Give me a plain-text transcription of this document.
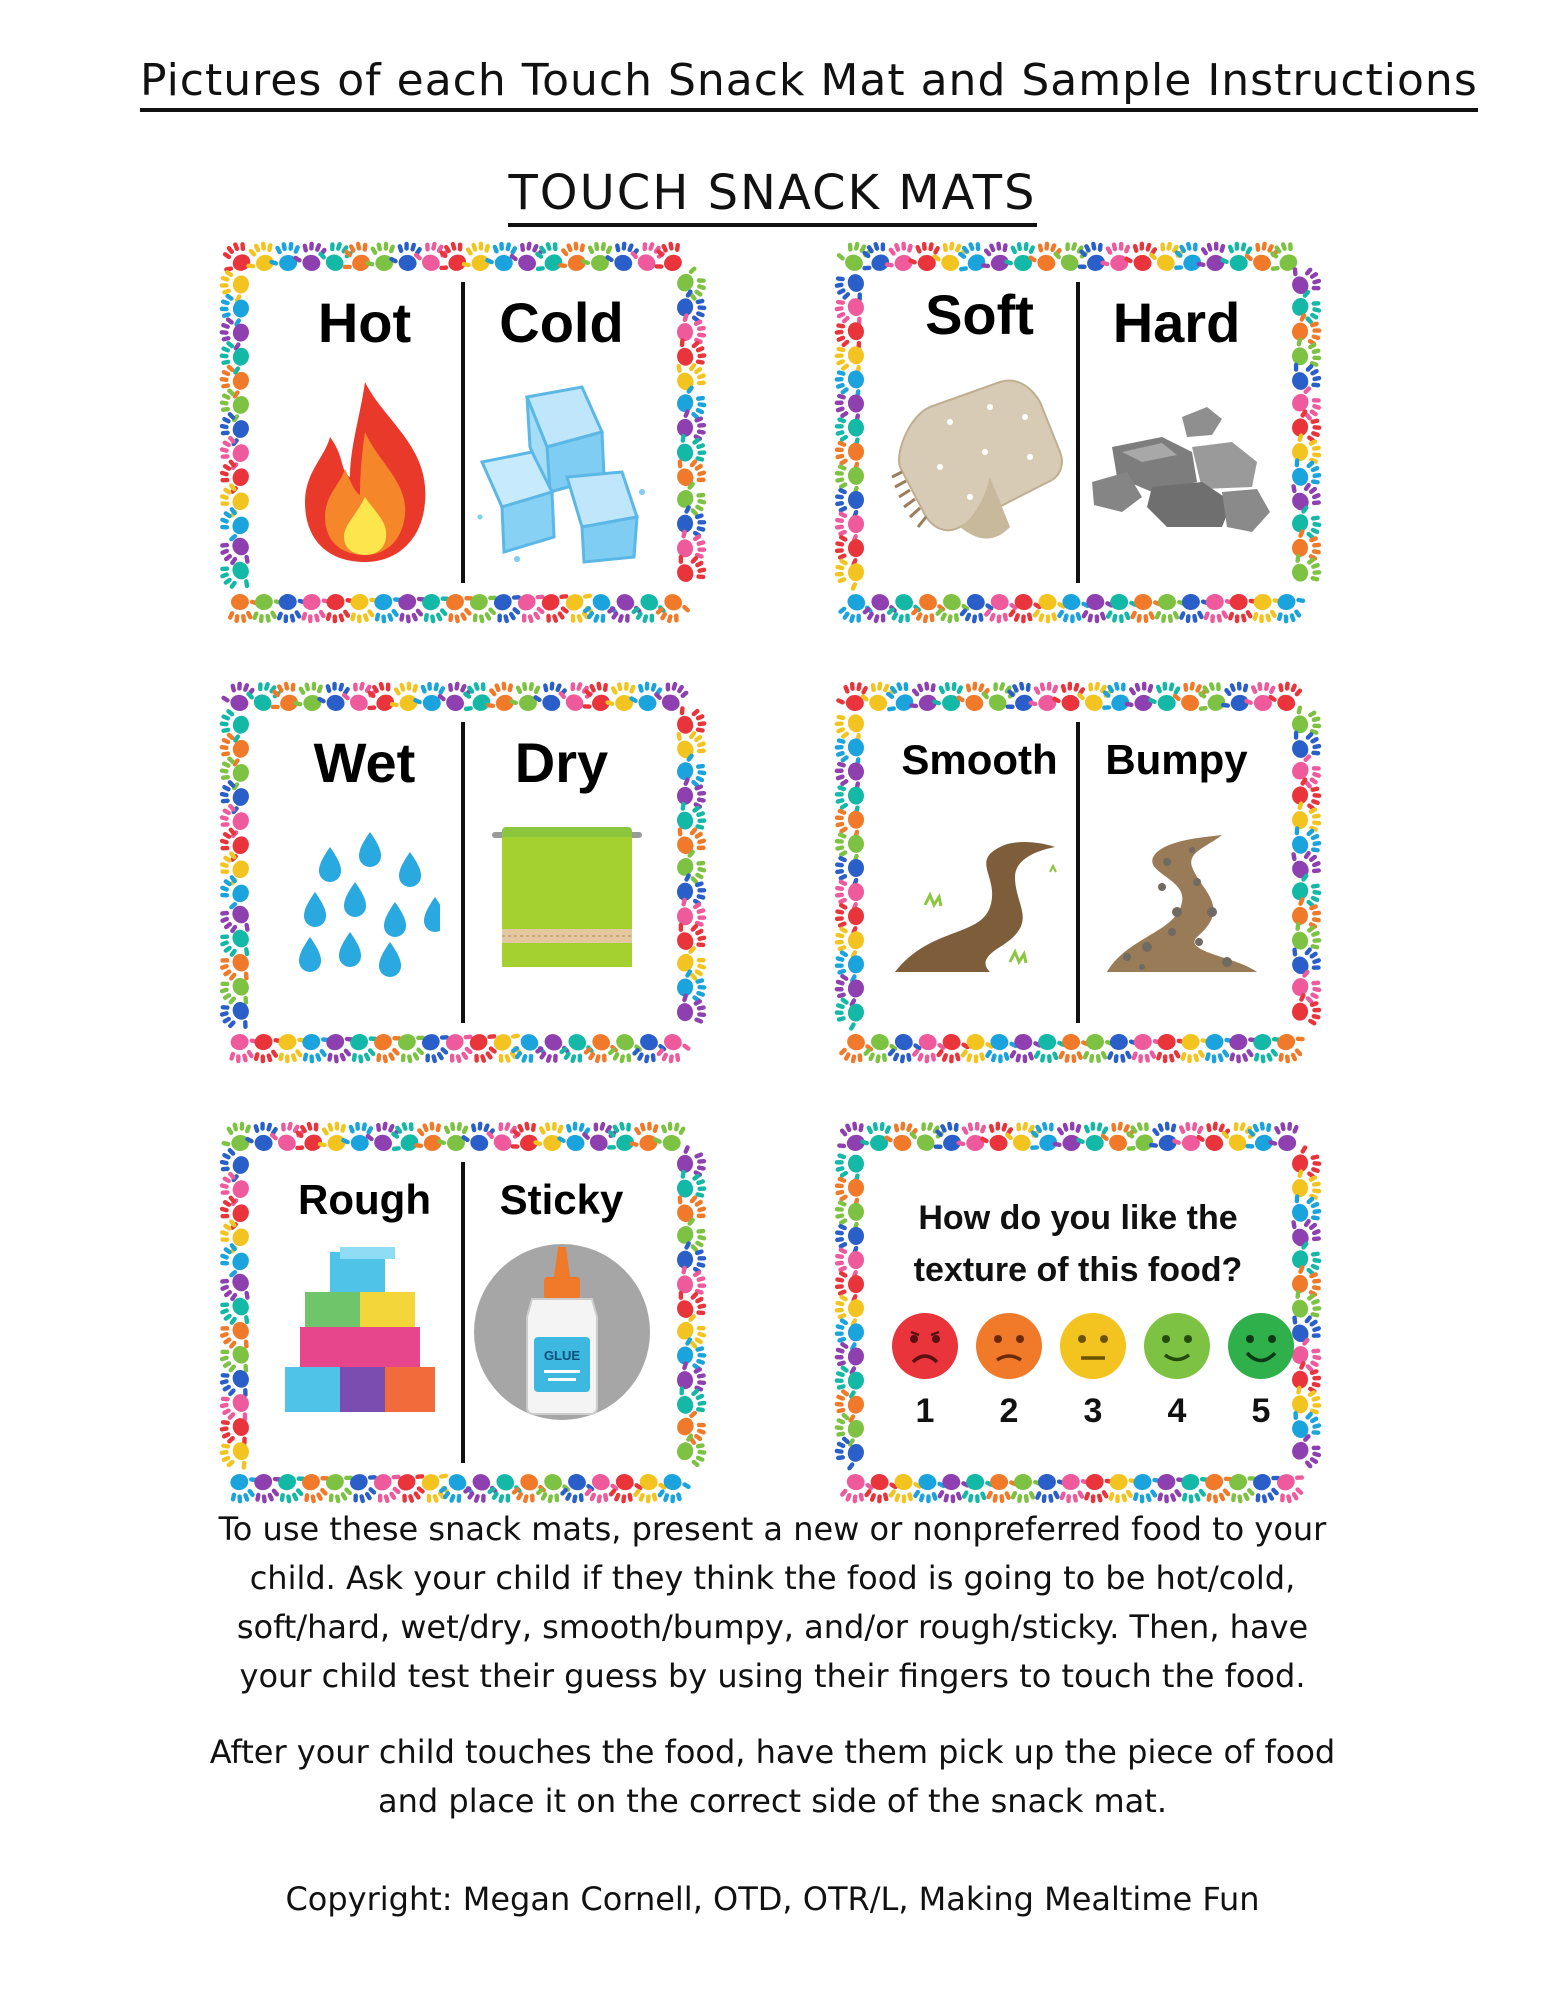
Pictures of each Touch Snack Mat and Sample Instructions
TOUCH SNACK MATS
Hot	Cold	Soft	Hard
Wet	Dry	Smooth	Bumpy
Rough	Sticky
GLUE
How do you like the
texture of this food?
1	2	3	4	5
To use these snack mats, present a new or nonpreferred food to your
child. Ask your child if they think the food is going to be hot/cold,
soft/hard, wet/dry, smooth/bumpy, and/or rough/sticky. Then, have
your child test their guess by using their fingers to touch the food.
After your child touches the food, have them pick up the piece of food
and place it on the correct side of the snack mat.
Copyright: Megan Cornell, OTD, OTR/L, Making Mealtime Fun
